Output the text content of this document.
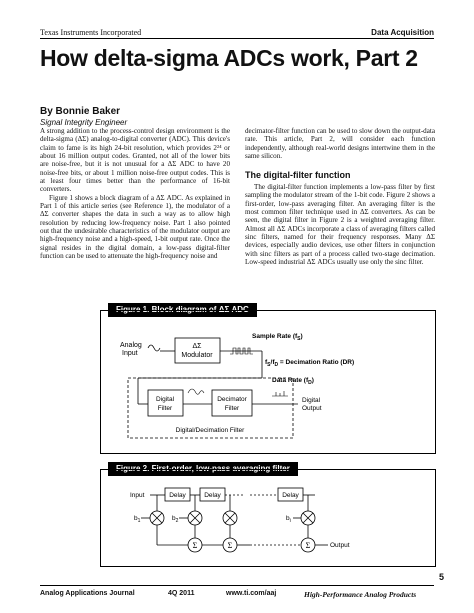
Texas Instruments Incorporated	Data Acquisition
How delta-sigma ADCs work, Part 2
By Bonnie Baker
Signal Integrity Engineer

A strong addition to the process-control design environment is the delta-sigma (ΔΣ) analog-to-digital converter (ADC). This device's claim to fame is its high 24-bit resolution, which provides 2²⁴ or about 16 million output codes. Granted, not all of the lower bits are noise-free, but it is not unusual for a ΔΣ ADC to have 20 noise-free bits, or about 1 million noise-free output codes. This is at least four times better than the performance of 16-bit converters.

Figure 1 shows a block diagram of a ΔΣ ADC. As explained in Part 1 of this article series (see Reference 1), the modulator of a ΔΣ converter shapes the data in such a way as to allow high resolution by reducing low-frequency noise. Part 1 also pointed out that the undesirable characteristics of the modulator output are high-frequency noise and a high-speed, 1-bit output rate. Once the signal resides in the digital domain, a low-pass digital-filter function can be used to attenuate the high-frequency noise and

decimator-filter function can be used to slow down the output-data rate. This article, Part 2, will consider each function independently, although real-world designs intertwine them in the same silicon.

The digital-filter function

The digital-filter function implements a low-pass filter by first sampling the modulator stream of the 1-bit code. Figure 2 shows a first-order, low-pass averaging filter. An averaging filter is the most common filter technique used in ΔΣ converters. As can be seen, the digital filter in Figure 2 is a weighted averaging filter. Almost all ΔΣ ADCs incorporate a class of averaging filters called sinc filters, named for their frequency responses. Many ΔΣ devices, especially audio devices, use other filters in conjunction with sinc filters as part of a process called two-stage decimation. Low-speed industrial ΔΣ ADCs usually use only the sinc filter.

Figure 1. Block diagram of ΔΣ ADC
Analog
Input
ΔΣ
Modulator
Sample Rate $(f_S)$
$f_S/f_D$ = Decimation Ratio (DR)
Digital
Filter
Decimator
Filter
Data Rate $(f_D)$
Digital
Output
Digital/Decimation Filter
Figure 2. First-order, low-pass averaging filter
Input	Delay	Delay	Delay
$b_1$	$b_2$	$b_i$
Σ	Σ	Σ	Output
5
Analog Applications Journal	4Q 2011	www.ti.com/aaj	High-Performance Analog Products
